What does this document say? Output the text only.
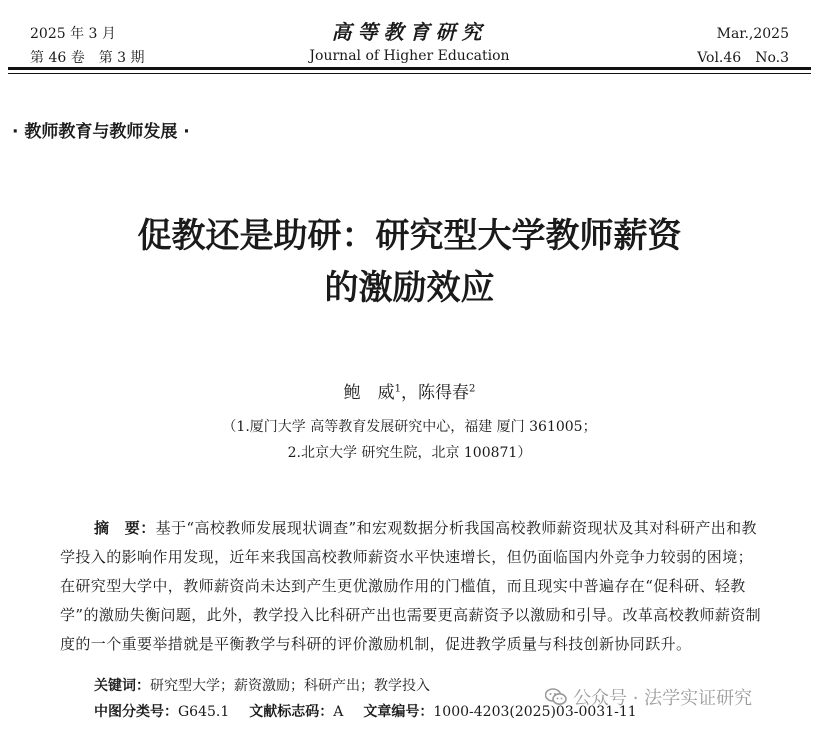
2025 年 3 月
第 46 卷　第 3 期
高等教育研究
Journal of Higher Education
Mar.,2025
Vol.46　No.3
· 教师教育与教师发展 ·
促教还是助研：研究型大学教师薪资
的激励效应
鲍　威$^1$，陈得春$^2$
（1.厦门大学 高等教育发展研究中心，福建 厦门 361005；
2.北京大学 研究生院，北京 100871）

摘　要：基于“高校教师发展现状调查”和宏观数据分析我国高校教师薪资现状及其对科研产出和教学投入的影响作用发现，近年来我国高校教师薪资水平快速增长，但仍面临国内外竞争力较弱的困境；在研究型大学中，教师薪资尚未达到产生更优激励作用的门槛值，而且现实中普遍存在“促科研、轻教学”的激励失衡问题，此外，教学投入比科研产出也需要更高薪资予以激励和引导。改革高校教师薪资制度的一个重要举措就是平衡教学与科研的评价激励机制，促进教学质量与科技创新协同跃升。

关键词：研究型大学；薪资激励；科研产出；教学投入
中图分类号：G645.1 文献标志码：A 文章编号：1000-4203(2025)03-0031-11
公众号 · 法学实证研究
